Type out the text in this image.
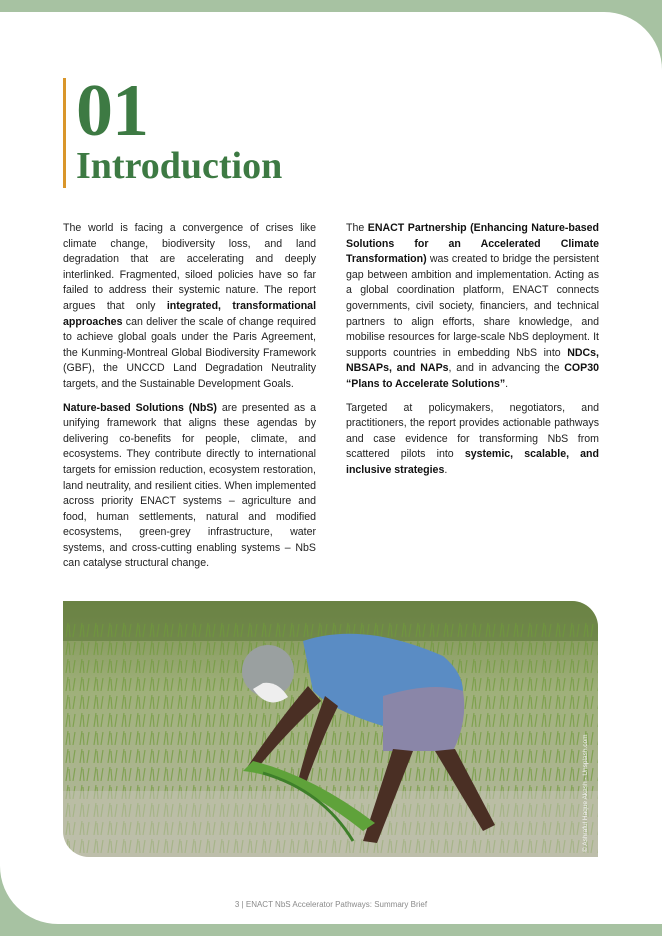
01
Introduction

The world is facing a convergence of crises like climate change, biodiversity loss, and land degradation that are accelerating and deeply interlinked. Fragmented, siloed policies have so far failed to address their systemic nature. The report argues that only integrated, transformational approaches can deliver the scale of change required to achieve global goals under the Paris Agreement, the Kunming-Montreal Global Biodiversity Framework (GBF), the UNCCD Land Degradation Neutrality targets, and the Sustainable Development Goals.

Nature-based Solutions (NbS) are presented as a unifying framework that aligns these agendas by delivering co-benefits for people, climate, and ecosystems. They contribute directly to international targets for emission reduction, ecosystem restoration, land neutrality, and resilient cities. When implemented across priority ENACT systems – agriculture and food, human settlements, natural and modified ecosystems, green-grey infrastructure, water systems, and cross-cutting enabling systems – NbS can catalyse structural change.

The ENACT Partnership (Enhancing Nature-based Solutions for an Accelerated Climate Transformation) was created to bridge the persistent gap between ambition and implementation. Acting as a global coordination platform, ENACT connects governments, civil society, financiers, and technical partners to align efforts, share knowledge, and mobilise resources for large-scale NbS deployment. It supports countries in embedding NbS into NDCs, NBSAPs, and NAPs, and in advancing the COP30 “Plans to Accelerate Solutions”.

Targeted at policymakers, negotiators, and practitioners, the report provides actionable pathways and case evidence for transforming NbS from scattered pilots into systemic, scalable, and inclusive strategies.

© Ashraful Haque Akash - Unsplash.com
3 | ENACT NbS Accelerator Pathways: Summary Brief
